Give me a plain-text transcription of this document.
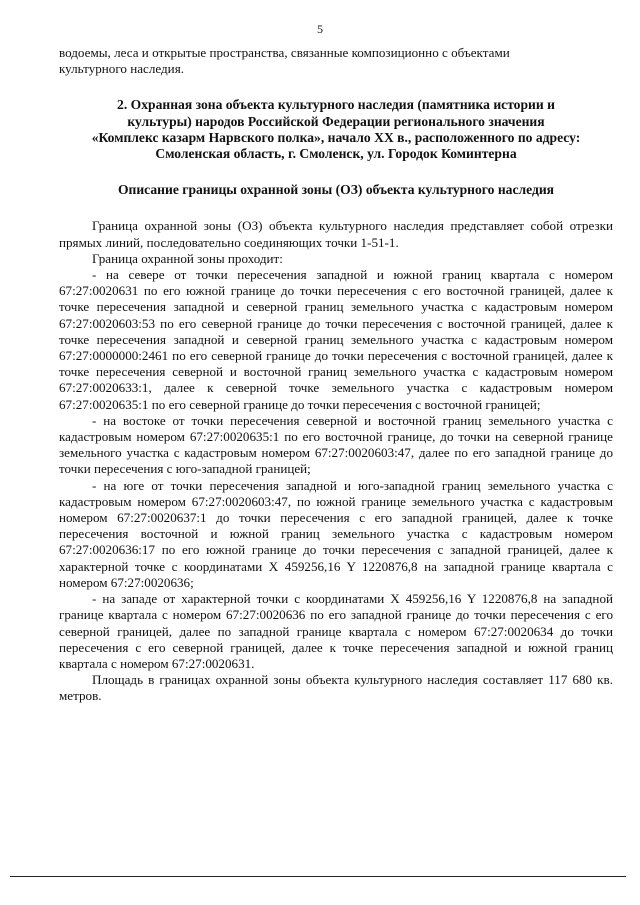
5

водоемы, леса и открытые пространства, связанные композиционно с объектами
культурного наследия.

2. Охранная зона объекта культурного наследия (памятника истории и
культуры) народов Российской Федерации регионального значения
«Комплекс казарм Нарвского полка», начало XX в., расположенного по адресу:
Смоленская область, г. Смоленск, ул. Городок Коминтерна

Описание границы охранной зоны (ОЗ) объекта культурного наследия

Граница охранной зоны (ОЗ) объекта культурного наследия представляет собой отрезки прямых линий, последовательно соединяющих точки 1-51-1.

Граница охранной зоны проходит:

- на севере от точки пересечения западной и южной границ квартала с номером 67:27:0020631 по его южной границе до точки пересечения с его восточной границей, далее к точке пересечения западной и северной границ земельного участка с кадастровым номером 67:27:0020603:53 по его северной границе до точки пересечения с восточной границей, далее к точке пересечения западной и северной границ земельного участка с кадастровым номером 67:27:0000000:2461 по его северной границе до точки пересечения с восточной границей, далее к точке пересечения северной и восточной границ земельного участка с кадастровым номером 67:27:0020633:1, далее к северной точке земельного участка с кадастровым номером 67:27:0020635:1 по его северной границе до точки пересечения с восточной границей;

- на востоке от точки пересечения северной и восточной границ земельного участка с кадастровым номером 67:27:0020635:1 по его восточной границе, до точки на северной границе земельного участка с кадастровым номером 67:27:0020603:47, далее по его западной границе до точки пересечения с юго-западной границей;

- на юге от точки пересечения западной и юго-западной границ земельного участка с кадастровым номером 67:27:0020603:47, по южной границе земельного участка с кадастровым номером 67:27:0020637:1 до точки пересечения с его западной границей, далее к точке пересечения восточной и южной границ земельного участка с кадастровым номером 67:27:0020636:17 по его южной границе до точки пересечения с западной границей, далее к характерной точке с координатами X 459256,16 Y 1220876,8 на западной границе квартала с номером 67:27:0020636;

- на западе от характерной точки с координатами X 459256,16 Y 1220876,8 на западной границе квартала с номером 67:27:0020636 по его западной границе до точки пересечения с его северной границей, далее по западной границе квартала с номером 67:27:0020634 до точки пересечения с его северной границей, далее к точке пересечения западной и южной границ квартала с номером 67:27:0020631.

Площадь в границах охранной зоны объекта культурного наследия составляет 117 680 кв. метров.
